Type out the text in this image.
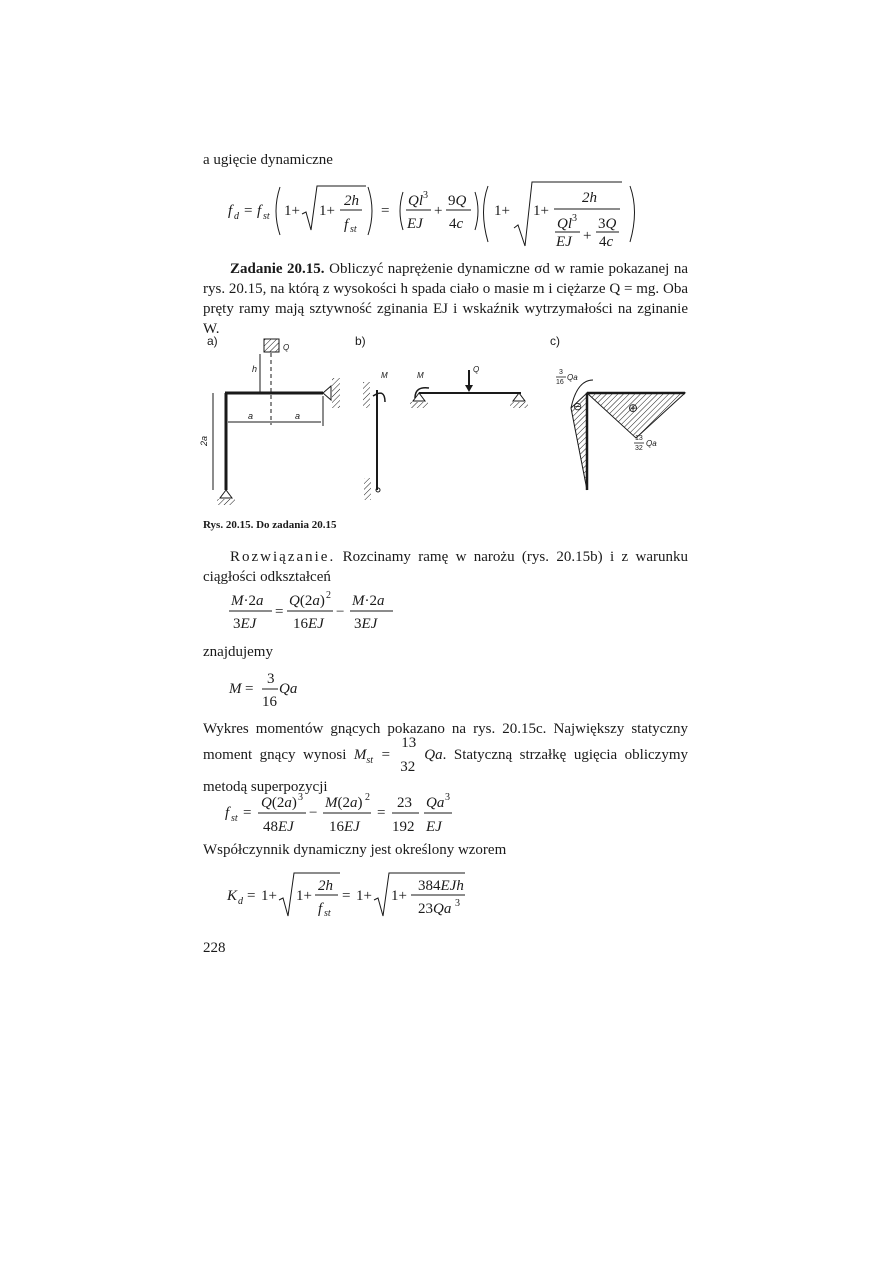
a ugięcie dynamiczne
f d = f st 1+ 1+
2h
f st
=
Ql 3
EJ
+
9Q
4c
1+ 1+
2h
Ql 3
EJ +
3Q
4c
Zadanie 20.15. Obliczyć naprężenie dynamiczne σd w ramie pokazanej na rys. 20.15, na którą z wysokości h spada ciało o masie m i ciężarze Q = mg. Oba pręty ramy mają sztywność zginania EJ i wskaźnik wytrzymałości na zginanie W.
a)	Q
h
a	a
2a
b)
M	M
Q
c)
3
16
Qa
⊖	⊕
13
32
Qa
Rys. 20.15. Do zadania 20.15
Rozwiązanie. Rozcinamy ramę w narożu (rys. 20.15b) i z warunku ciągłości odkształceń
M·2a
3EJ
=
Q(2a) 2
16EJ
−
M·2a
3EJ
znajdujemy
M =
3
16
Qa
Wykres momentów gnących pokazano na rys. 20.15c. Największy statyczny moment gnący wynosi $M_{st}$ =
13
32
Qa. Statyczną strzałkę ugięcia obliczymy metodą superpozycji
f st =
Q(2a) 3
48EJ
−
M(2a) 2
16EJ
=
23
192
Qa 3
EJ
Współczynnik dynamiczny jest określony wzorem
K d = 1+ 1+
2h
f st
= 1+ 1+
384EJh
23Qa 3
228
